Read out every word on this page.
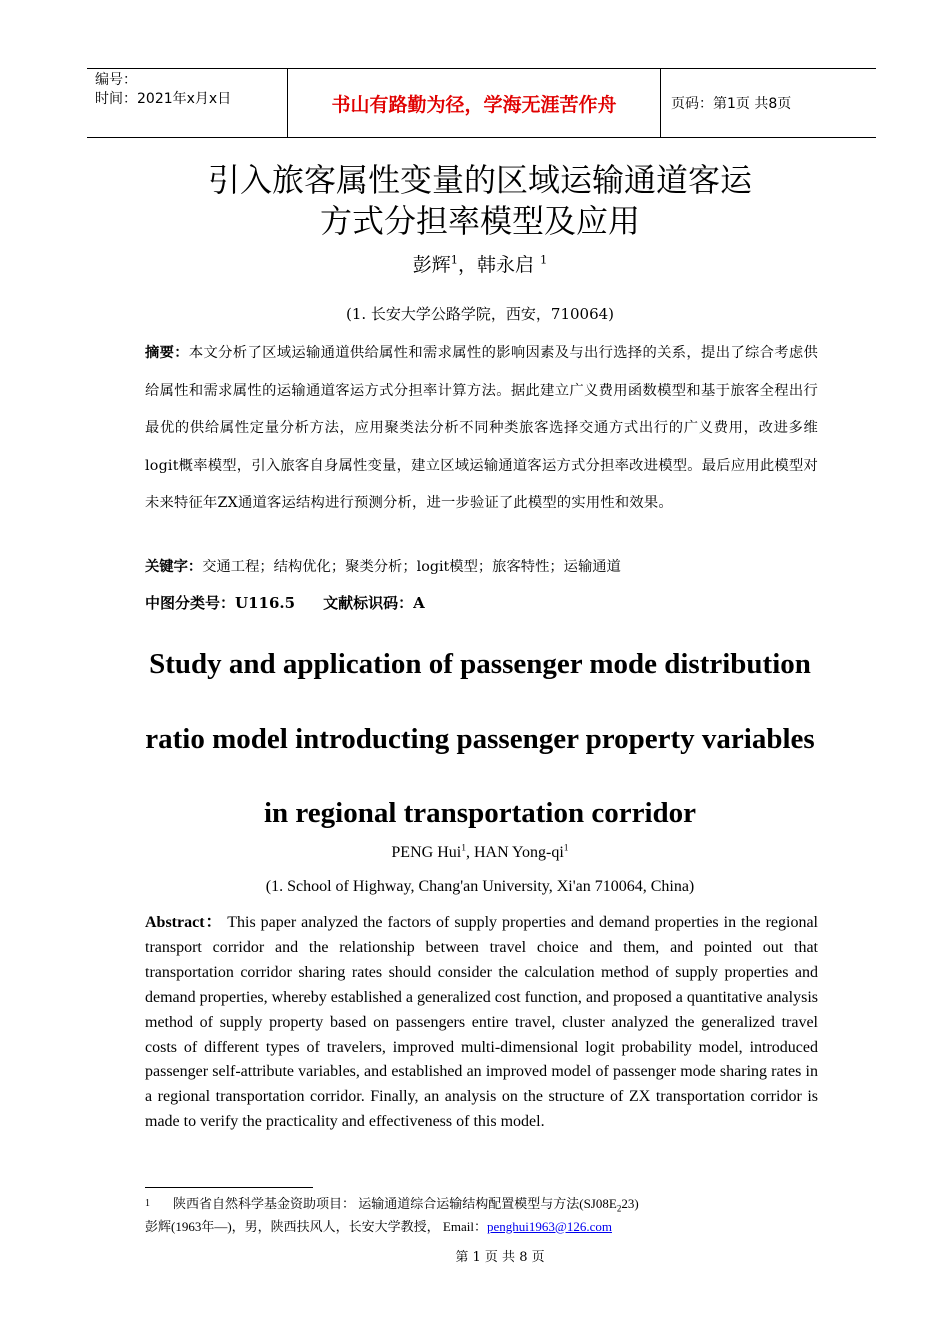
编号：
时间：2021年x月x日	书山有路勤为径，学海无涯苦作舟	页码：第1页 共8页
引入旅客属性变量的区域运输通道客运
方式分担率模型及应用
彭辉$^1$，韩永启 $^1$
(1. 长安大学公路学院，西安，710064)
摘要：本文分析了区域运输通道供给属性和需求属性的影响因素及与出行选择的关系，提出了综合考虑供给属性和需求属性的运输通道客运方式分担率计算方法。据此建立广义费用函数模型和基于旅客全程出行最优的供给属性定量分析方法，应用聚类法分析不同种类旅客选择交通方式出行的广义费用，改进多维logit概率模型，引入旅客自身属性变量，建立区域运输通道客运方式分担率改进模型。最后应用此模型对未来特征年ZX通道客运结构进行预测分析，进一步验证了此模型的实用性和效果。
关键字：交通工程；结构优化；聚类分析；logit模型；旅客特性；运输通道
中图分类号：U116.5 文献标识码：A
Study and application of passenger mode distribution
ratio model introducting passenger property variables
in regional transportation corridor
PENG Hui$^1$, HAN Yong-$qi^1$
(1. School of Highway, Chang'an University, Xi'an 710064, China)
Abstract： This paper analyzed the factors of supply properties and demand properties in the regional transport corridor and the relationship between travel choice and them, and pointed out that transportation corridor sharing rates should consider the calculation method of supply properties and demand properties, whereby established a generalized cost function, and proposed a quantitative analysis method of supply property based on passengers entire travel, cluster analyzed the generalized travel costs of different types of travelers, improved multi-dimensional logit probability model, introduced passenger self-attribute variables, and established an improved model of passenger mode sharing rates in a regional transportation corridor. Finally, an analysis on the structure of ZX transportation corridor is made to verify the practicality and effectiveness of this model.
1 陕西省自然科学基金资助项目： 运输通道综合运输结构配置模型与方法$(SJ08E_223)$
彭辉(1963年—)，男，陕西扶风人，长安大学教授， Email：penghui1963@126.com
第 1 页 共 8 页
